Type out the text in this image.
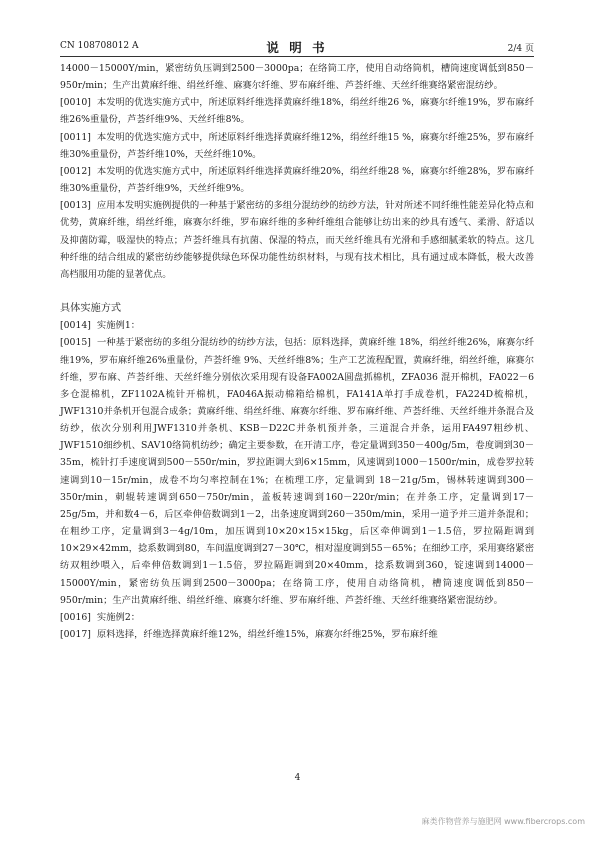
CN 108708012 A	说 明 书	2/4 页

14000－15000Y/min，紧密纺负压调到2500－3000pa；在络筒工序，使用自动络筒机，槽筒速度调低到850－950r/min；生产出黄麻纤维、绢丝纤维、麻赛尔纤维、罗布麻纤维、芦荟纤维、天丝纤维赛络紧密混纺纱。

[0010] 本发明的优选实施方式中，所述原料纤维选择黄麻纤维18%，绢丝纤维26 %，麻赛尔纤维19%，罗布麻纤维26%重量份，芦荟纤维9%、天丝纤维8%。

[0011] 本发明的优选实施方式中，所述原料纤维选择黄麻纤维12%，绢丝纤维15 %，麻赛尔纤维25%，罗布麻纤维30%重量份，芦荟纤维10%，天丝纤维10%。

[0012] 本发明的优选实施方式中，所述原料纤维选择黄麻纤维20%，绢丝纤维28 %，麻赛尔纤维28%，罗布麻纤维30%重量份，芦荟纤维9%，天丝纤维9%。

[0013] 应用本发明实施例提供的一种基于紧密纺的多组分混纺纱的纺纱方法，针对所述不同纤维性能差异化特点和优势，黄麻纤维，绢丝纤维，麻赛尔纤维，罗布麻纤维的多种纤维组合能够让纺出来的纱具有透气、柔滑、舒适以及抑菌防霉，吸湿快的特点；芦荟纤维具有抗菌、保湿的特点，而天丝纤维具有光滑和手感细腻柔软的特点。这几种纤维的结合组成的紧密纺纱能够提供绿色环保功能性纺织材料，与现有技术相比，具有通过成本降低，极大改善高档服用功能的显著优点。

具体实施方式

[0014] 实施例1：

[0015] 一种基于紧密纺的多组分混纺纱的纺纱方法，包括：原料选择，黄麻纤维 18%，绢丝纤维26%，麻赛尔纤维19%，罗布麻纤维26%重量份，芦荟纤维 9%、天丝纤维8%；生产工艺流程配置，黄麻纤维，绢丝纤维，麻赛尔纤维，罗布麻、芦荟纤维、天丝纤维分别依次采用现有设备FA002A圆盘抓棉机，ZFA036 混开棉机，FA022－6多仓混棉机，ZF1102A梳针开棉机，FA046A振动棉箱给棉机，FA141A单打手成卷机，FA224D梳棉机，JWF1310并条机开包混合成条；黄麻纤维、绢丝纤维、麻赛尔纤维、罗布麻纤维、芦荟纤维、天丝纤维并条混合及纺纱，依次分别利用JWF1310并条机、KSB－D22C并条机预并条，三道混合并条，运用FA497粗纱机、JWF1510细纱机、SAV10络筒机纺纱；确定主要参数，在开清工序，卷定量调到350－400g/5m，卷度调到30－35m，梳针打手速度调到500－550r/min，罗拉距调大到6×15mm，风速调到1000－1500r/min，成卷罗拉转速调到10－15r/min，成卷不均匀率控制在1%；在梳理工序，定量调到 18－21g/5m，锡林转速调到300－350r/min，刺辊转速调到650－750r/min，盖板转速调到160－220r/min；在并条工序，定量调到17－25g/5m，并和数4－6，后区牵伸倍数调到1－2，出条速度调到260－350m/min，采用一道予并三道并条混和；在粗纱工序，定量调到3－4g/10m，加压调到10×20×15×15kg，后区牵伸调到1－1.5倍，罗拉隔距调到10×29×42mm，捻系数调到80，车间温度调到27－30℃，相对湿度调到55－65%；在细纱工序，采用赛络紧密纺双粗纱喂入，后牵伸倍数调到1－1.5倍，罗拉隔距调到20×40mm，捻系数调到360，锭速调到14000－15000Y/min，紧密纺负压调到2500－3000pa；在络筒工序，使用自动络筒机，槽筒速度调低到850－950r/min；生产出黄麻纤维、绢丝纤维、麻赛尔纤维、罗布麻纤维、芦荟纤维、天丝纤维赛络紧密混纺纱。

[0016] 实施例2：

[0017] 原料选择，纤维选择黄麻纤维12%，绢丝纤维15%，麻赛尔纤维25%，罗布麻纤维

4
麻类作物营养与施肥网 www.fibercrops.com
